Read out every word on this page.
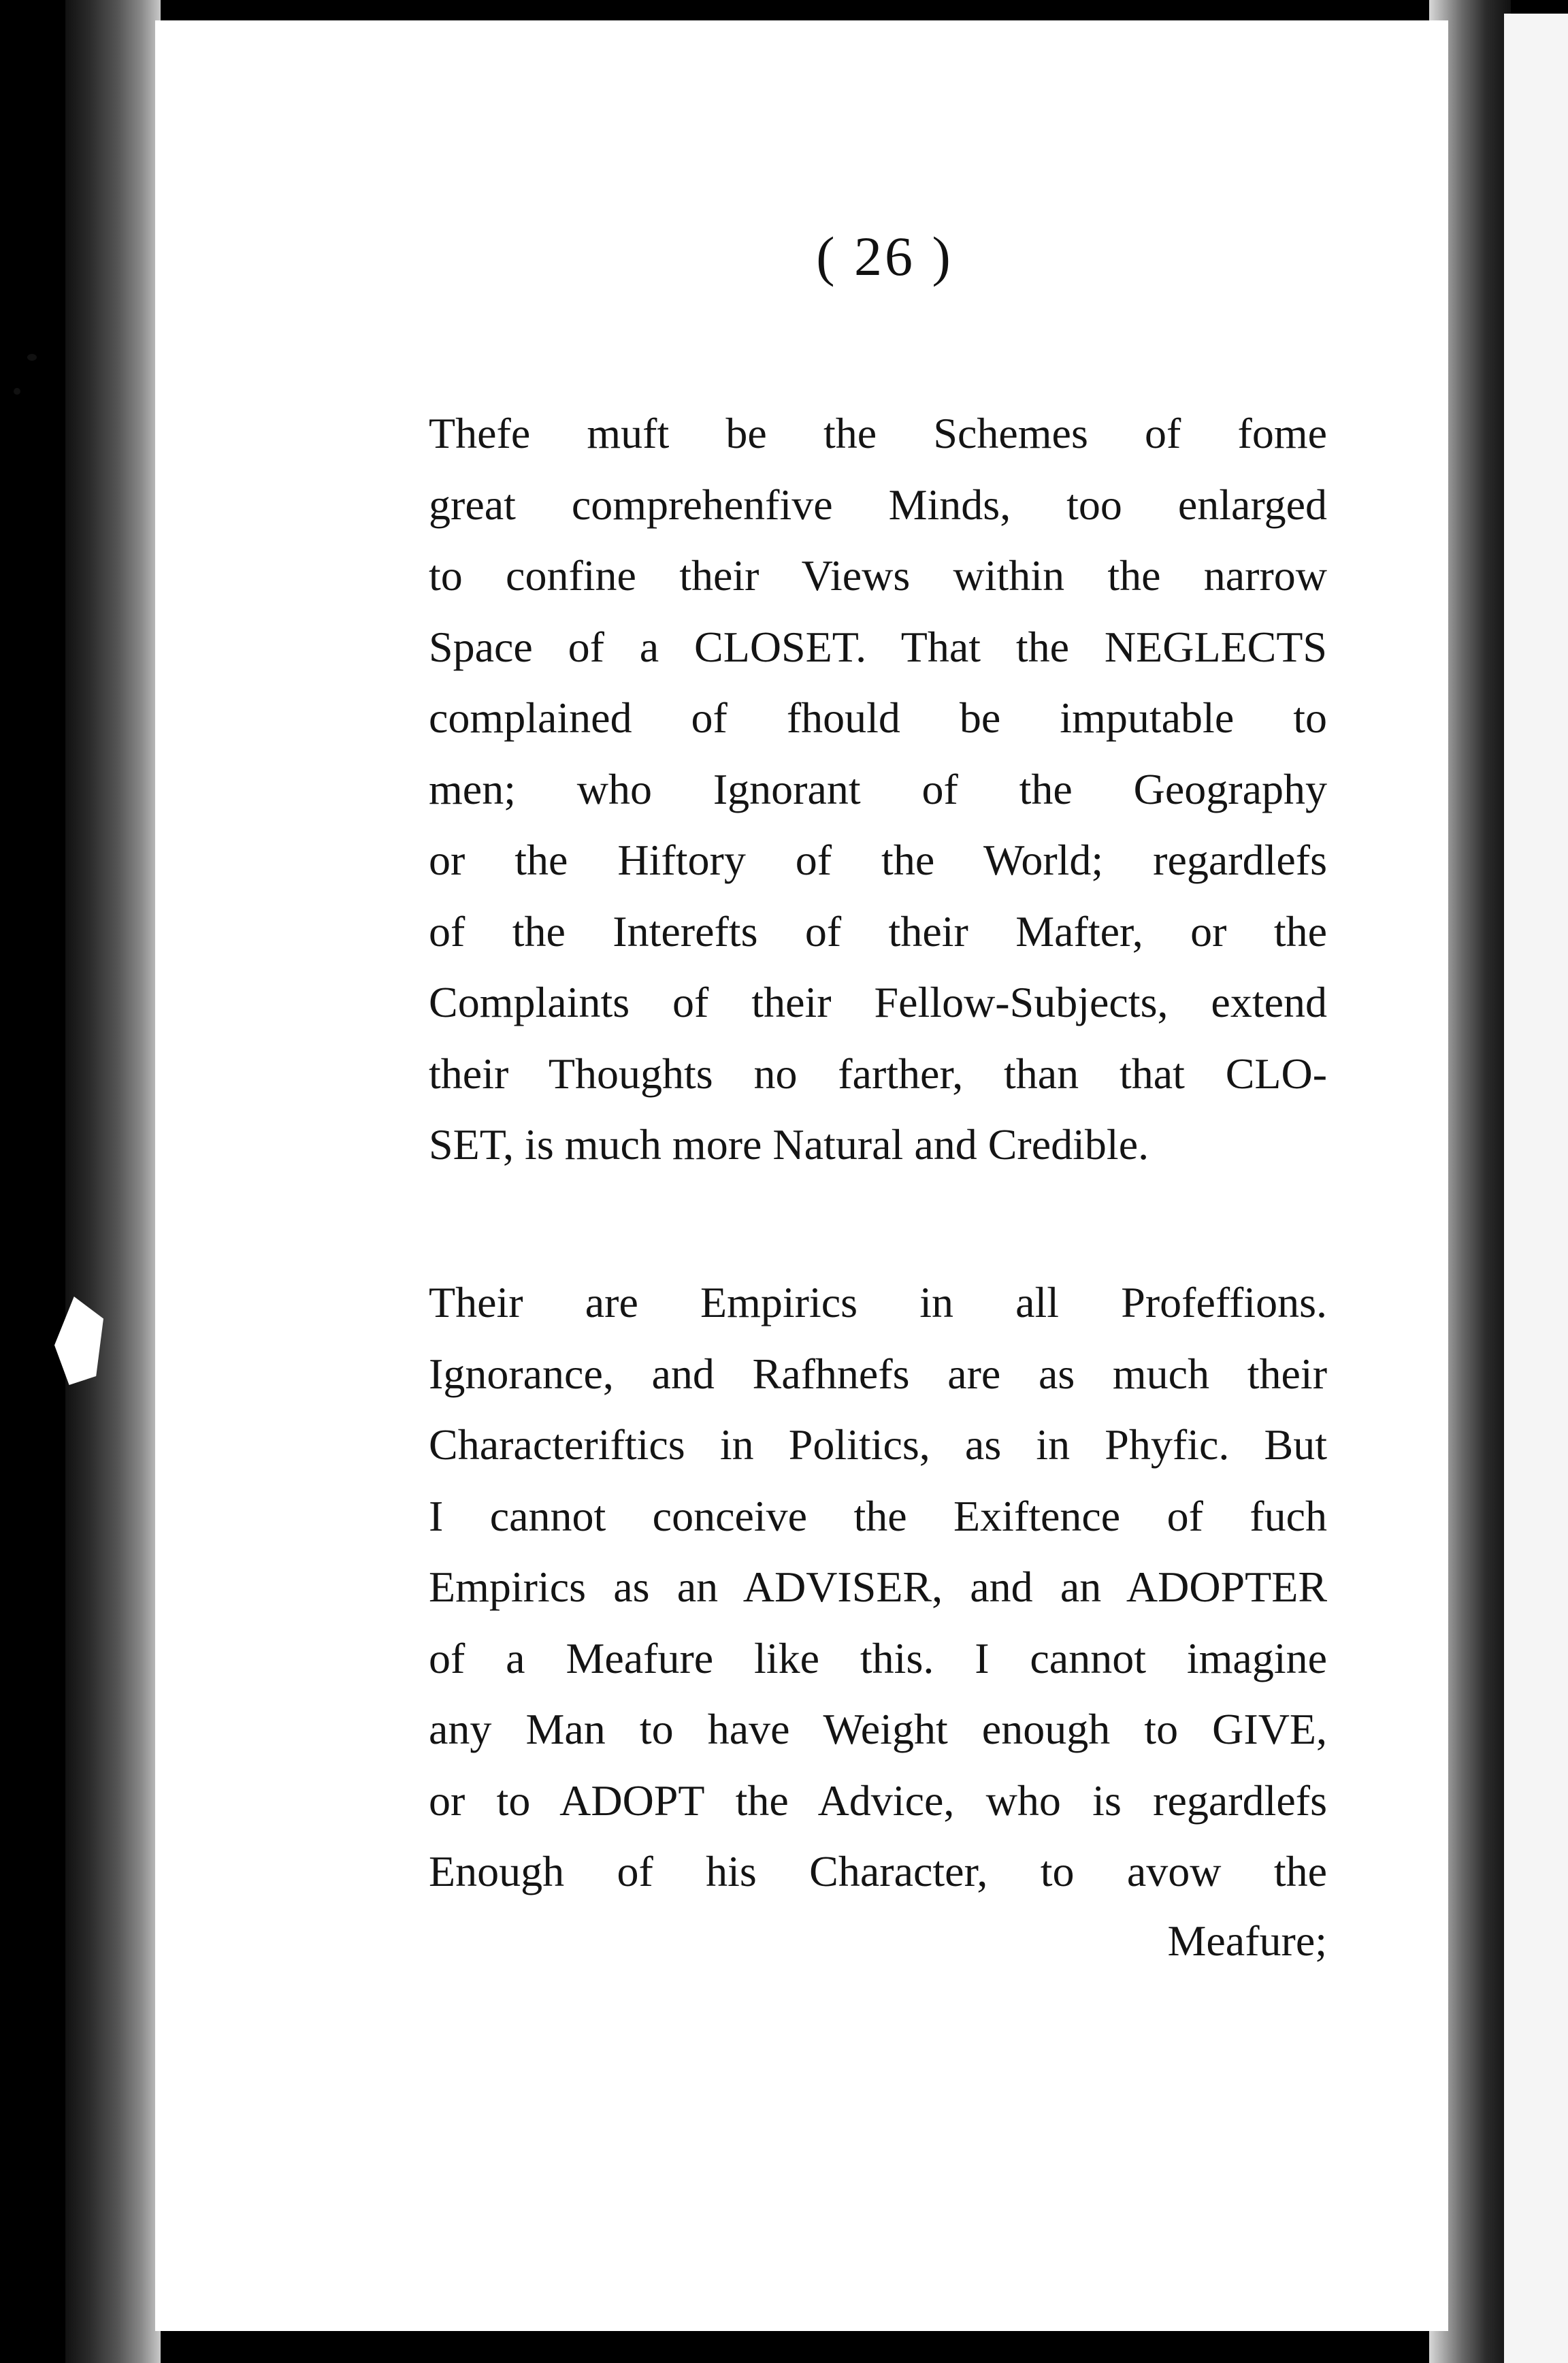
( 26 )
Thefe muft be the Schemes of fome
great comprehenfive Minds, too enlarged
to confine their Views within the narrow
Space of a CLOSET. That the NEGLECTS
complained of fhould be imputable to
men; who Ignorant of the Geography
or the Hiftory of the World; regardlefs
of the Interefts of their Mafter, or the
Complaints of their Fellow-Subjects, extend
their Thoughts no farther, than that CLO-
SET, is much more Natural and Credible.
Their are Empirics in all Profeffions.
Ignorance, and Rafhnefs are as much their
Characteriftics in Politics, as in Phyfic. But
I cannot conceive the Exiftence of fuch
Empirics as an ADVISER, and an ADOPTER
of a Meafure like this. I cannot imagine
any Man to have Weight enough to GIVE,
or to ADOPT the Advice, who is regardlefs
Enough of his Character, to avow the
Meafure;
